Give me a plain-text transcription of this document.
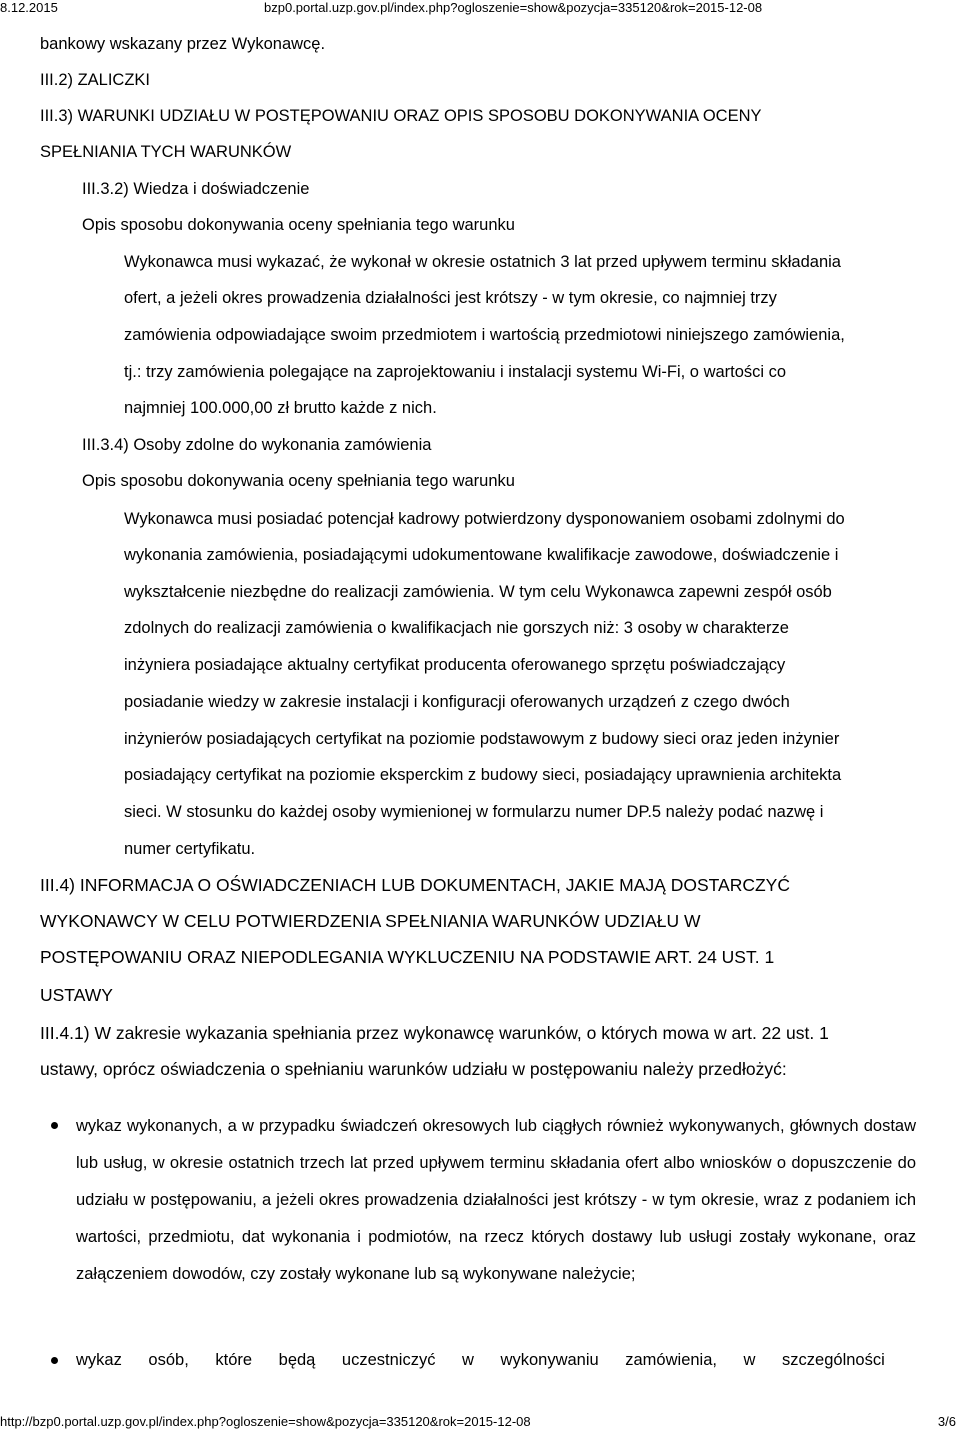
8.12.2015	bzp0.portal.uzp.gov.pl/index.php?ogloszenie=show&pozycja=335120&rok=2015-12-08
bankowy wskazany przez Wykonawcę.
III.2) ZALICZKI
III.3) WARUNKI UDZIAŁU W POSTĘPOWANIU ORAZ OPIS SPOSOBU DOKONYWANIA OCENY
SPEŁNIANIA TYCH WARUNKÓW
III.3.2) Wiedza i doświadczenie
Opis sposobu dokonywania oceny spełniania tego warunku
Wykonawca musi wykazać, że wykonał w okresie ostatnich 3 lat przed upływem terminu składania
ofert, a jeżeli okres prowadzenia działalności jest krótszy - w tym okresie, co najmniej trzy
zamówienia odpowiadające swoim przedmiotem i wartością przedmiotowi niniejszego zamówienia,
tj.: trzy zamówienia polegające na zaprojektowaniu i instalacji systemu Wi-Fi, o wartości co
najmniej 100.000,00 zł brutto każde z nich.
III.3.4) Osoby zdolne do wykonania zamówienia
Opis sposobu dokonywania oceny spełniania tego warunku
Wykonawca musi posiadać potencjał kadrowy potwierdzony dysponowaniem osobami zdolnymi do
wykonania zamówienia, posiadającymi udokumentowane kwalifikacje zawodowe, doświadczenie i
wykształcenie niezbędne do realizacji zamówienia. W tym celu Wykonawca zapewni zespół osób
zdolnych do realizacji zamówienia o kwalifikacjach nie gorszych niż: 3 osoby w charakterze
inżyniera posiadające aktualny certyfikat producenta oferowanego sprzętu poświadczający
posiadanie wiedzy w zakresie instalacji i konfiguracji oferowanych urządzeń z czego dwóch
inżynierów posiadających certyfikat na poziomie podstawowym z budowy sieci oraz jeden inżynier
posiadający certyfikat na poziomie eksperckim z budowy sieci, posiadający uprawnienia architekta
sieci. W stosunku do każdej osoby wymienionej w formularzu numer DP.5 należy podać nazwę i
numer certyfikatu.
III.4) INFORMACJA O OŚWIADCZENIACH LUB DOKUMENTACH, JAKIE MAJĄ DOSTARCZYĆ
WYKONAWCY W CELU POTWIERDZENIA SPEŁNIANIA WARUNKÓW UDZIAŁU W
POSTĘPOWANIU ORAZ NIEPODLEGANIA WYKLUCZENIU NA PODSTAWIE ART. 24 UST. 1
USTAWY
III.4.1) W zakresie wykazania spełniania przez wykonawcę warunków, o których mowa w art. 22 ust. 1
ustawy, oprócz oświadczenia o spełnianiu warunków udziału w postępowaniu należy przedłożyć:
wykaz wykonanych, a w przypadku świadczeń okresowych lub ciągłych również wykonywanych, głównych dostaw lub usług, w okresie ostatnich trzech lat przed upływem terminu składania ofert albo wniosków o dopuszczenie do udziału w postępowaniu, a jeżeli okres prowadzenia działalności jest krótszy - w tym okresie, wraz z podaniem ich wartości, przedmiotu, dat wykonania i podmiotów, na rzecz których dostawy lub usługi zostały wykonane, oraz załączeniem dowodów, czy zostały wykonane lub są wykonywane należycie;
wykaz osób, które będą uczestniczyć w wykonywaniu zamówienia, w szczególności
http://bzp0.portal.uzp.gov.pl/index.php?ogloszenie=show&pozycja=335120&rok=2015-12-08	3/6
